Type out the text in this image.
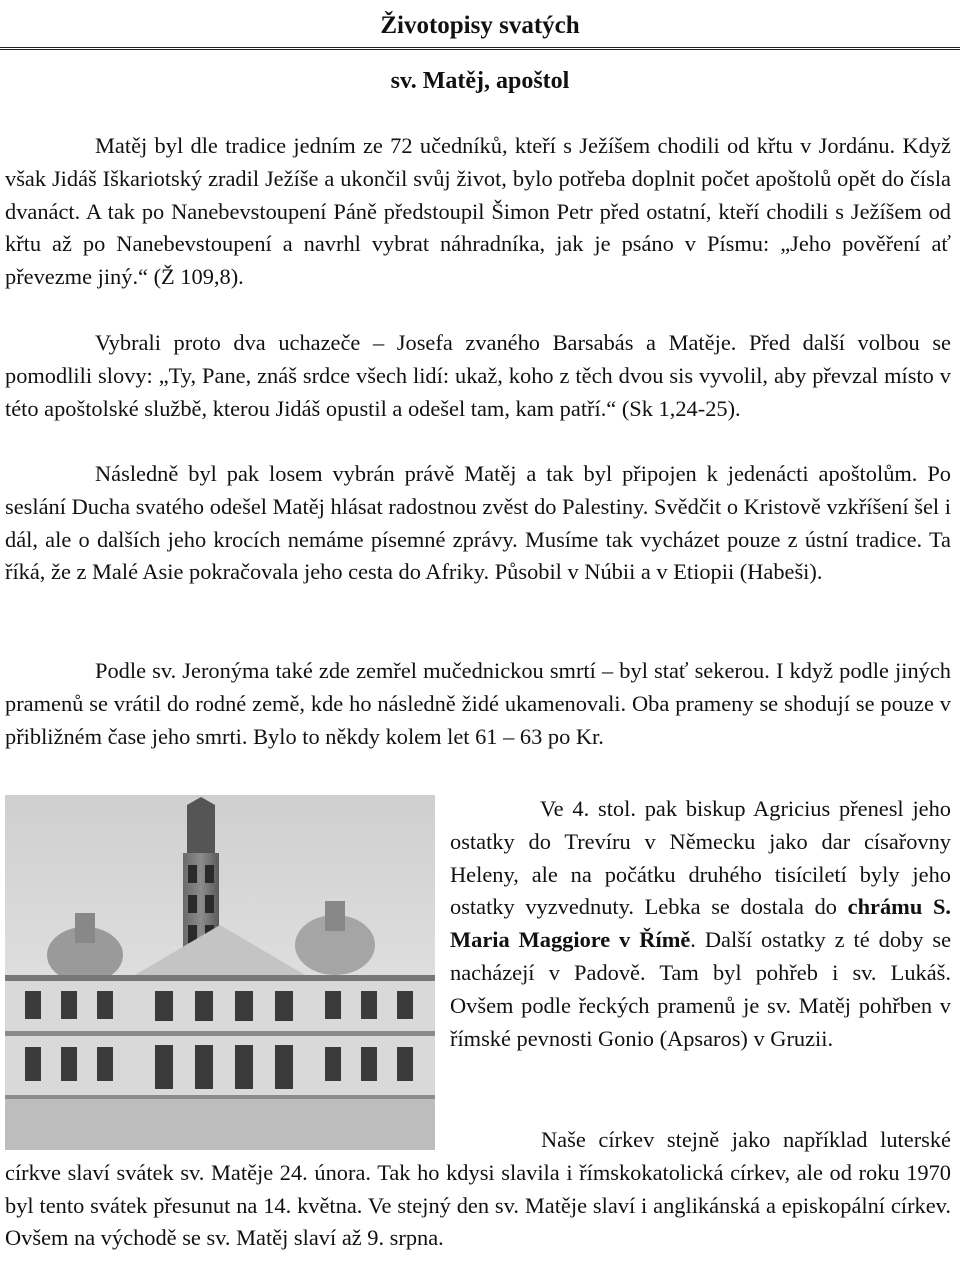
Životopisy svatých
sv. Matěj, apoštol

Matěj byl dle tradice jedním ze 72 učedníků, kteří s Ježíšem chodili od křtu v Jordánu. Když však Jidáš Iškariotský zradil Ježíše a ukončil svůj život, bylo potřeba doplnit počet apoštolů opět do čísla dvanáct. A tak po Nanebevstoupení Páně předstoupil Šimon Petr před ostatní, kteří chodili s Ježíšem od křtu až po Nanebevstoupení a navrhl vybrat náhradníka, jak je psáno v Písmu: „Jeho pověření ať převezme jiný.“ (Ž 109,8).

Vybrali proto dva uchazeče – Josefa zvaného Barsabás a Matěje. Před další volbou se pomodlili slovy: „Ty, Pane, znáš srdce všech lidí: ukaž, koho z těch dvou sis vyvolil, aby převzal místo v této apoštolské službě, kterou Jidáš opustil a odešel tam, kam patří.“ (Sk 1,24-25).

Následně byl pak losem vybrán právě Matěj a tak byl připojen k jedenácti apoštolům. Po seslání Ducha svatého odešel Matěj hlásat radostnou zvěst do Palestiny. Svědčit o Kristově vzkříšení šel i dál, ale o dalších jeho krocích nemáme písemné zprávy. Musíme tak vycházet pouze z ústní tradice. Ta říká, že z Malé Asie pokračovala jeho cesta do Afriky. Působil v Núbii a v Etiopii (Habeši).

Podle sv. Jeronýma také zde zemřel mučednickou smrtí – byl stať sekerou. I když podle jiných pramenů se vrátil do rodné země, kde ho následně židé ukamenovali. Oba prameny se shodují se pouze v přibližném čase jeho smrti. Bylo to někdy kolem let 61 – 63 po Kr.

Ve 4. stol. pak biskup Agricius přenesl jeho ostatky do Trevíru v Německu jako dar císařovny Heleny, ale na počátku druhého tisíciletí byly jeho ostatky vyzvednuty. Lebka se dostala do chrámu S. Maria Maggiore v Římě. Další ostatky z té doby se nacházejí v Padově. Tam byl pohřeb i sv. Lukáš. Ovšem podle řeckých pramenů je sv. Matěj pohřben v římské pevnosti Gonio (Apsaros) v Gruzii.

Naše církev stejně jako například luterské církve slaví svátek sv. Matěje 24. února. Tak ho kdysi slavila i římskokatolická církev, ale od roku 1970 byl tento svátek přesunut na 14. května. Ve stejný den sv. Matěje slaví i anglikánská a episkopální církev. Ovšem na východě se sv. Matěj slaví až 9. srpna.
